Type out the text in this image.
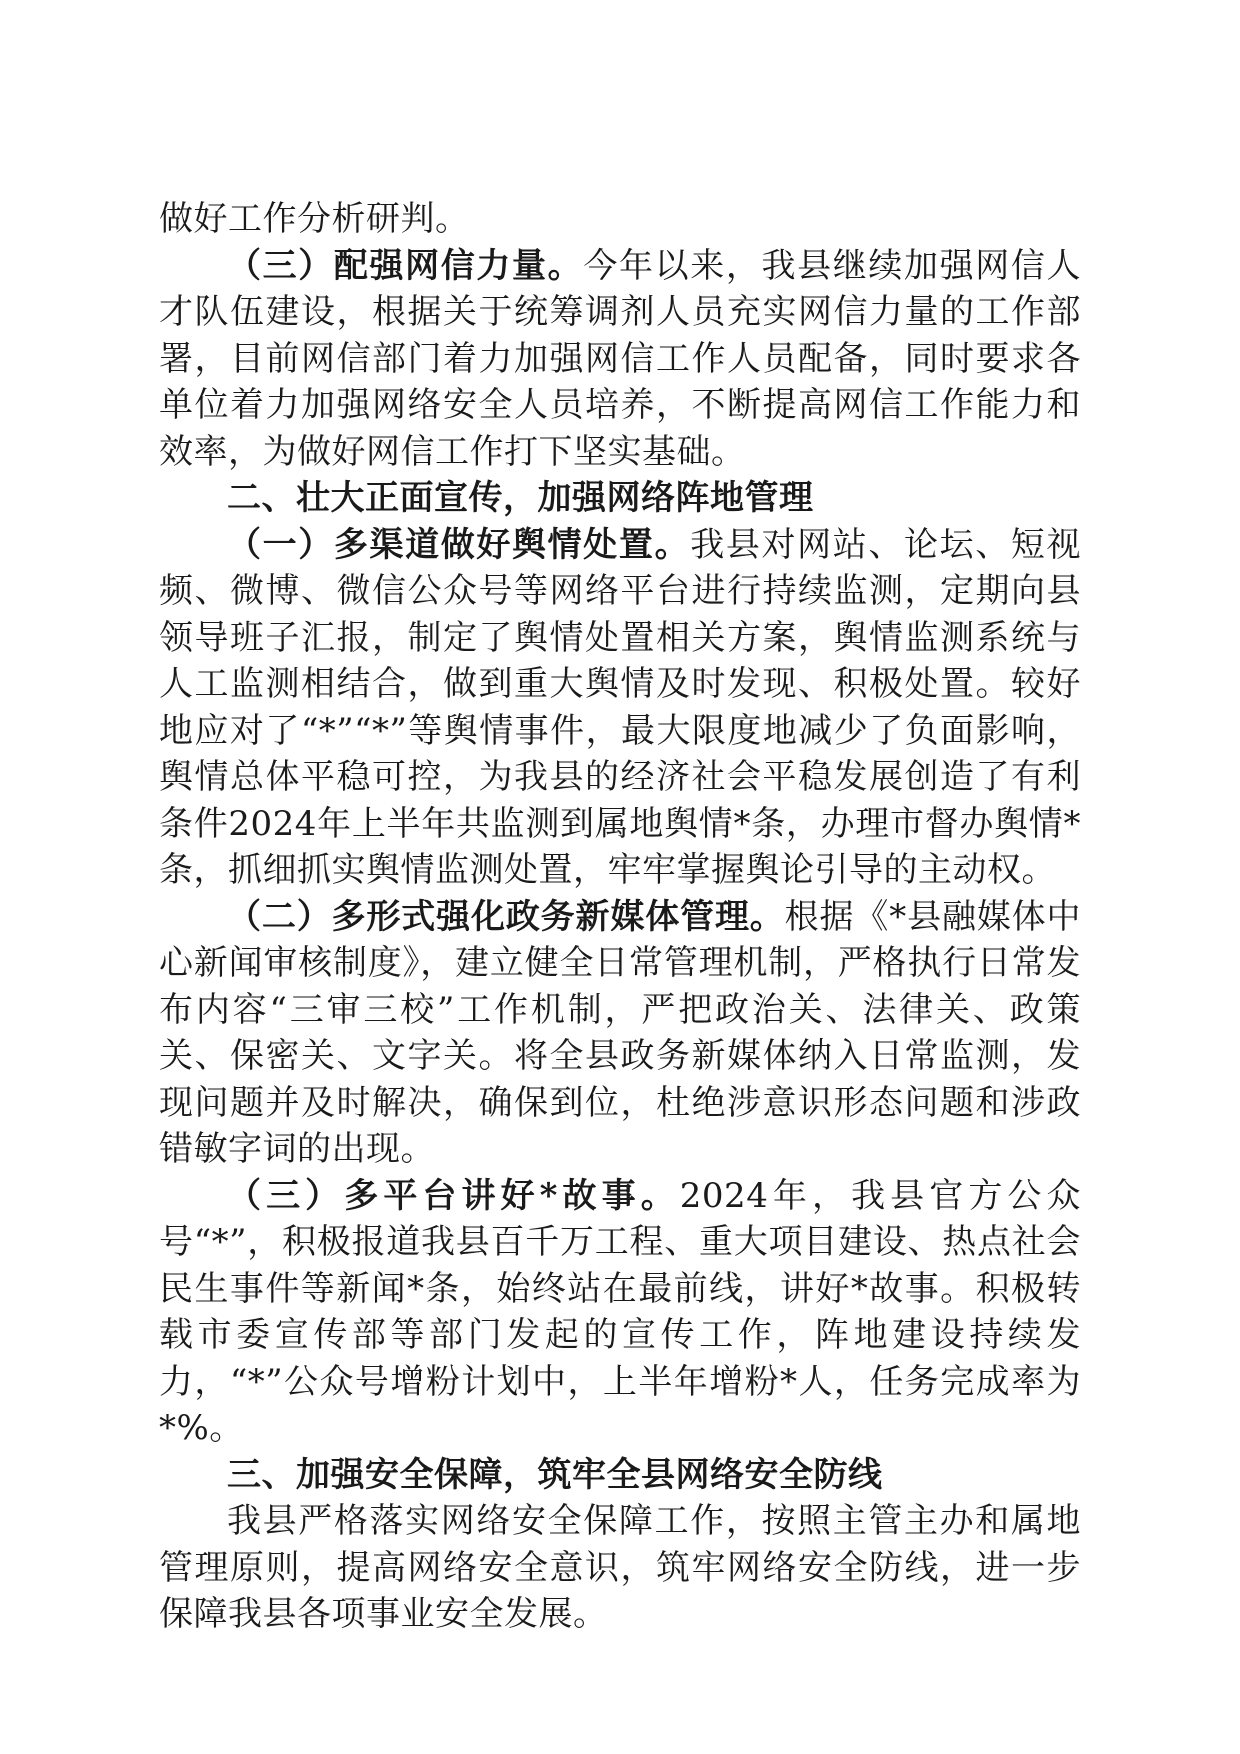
做好工作分析研判。

（三）配强网信力量。今年以来，我县继续加强网信人才队伍建设，根据关于统筹调剂人员充实网信力量的工作部署，目前网信部门着力加强网信工作人员配备，同时要求各单位着力加强网络安全人员培养，不断提高网信工作能力和效率，为做好网信工作打下坚实基础。

二、壮大正面宣传，加强网络阵地管理

（一）多渠道做好舆情处置。我县对网站、论坛、短视频、微博、微信公众号等网络平台进行持续监测，定期向县领导班子汇报，制定了舆情处置相关方案，舆情监测系统与人工监测相结合，做到重大舆情及时发现、积极处置。较好地应对了“*”“*”等舆情事件，最大限度地减少了负面影响，舆情总体平稳可控，为我县的经济社会平稳发展创造了有利条件2024年上半年共监测到属地舆情*条，办理市督办舆情*条，抓细抓实舆情监测处置，牢牢掌握舆论引导的主动权。

（二）多形式强化政务新媒体管理。根据《*县融媒体中心新闻审核制度》，建立健全日常管理机制，严格执行日常发布内容“三审三校”工作机制，严把政治关、法律关、政策关、保密关、文字关。将全县政务新媒体纳入日常监测，发现问题并及时解决，确保到位，杜绝涉意识形态问题和涉政错敏字词的出现。

（三）多平台讲好*故事。2024年，我县官方公众号“*”，积极报道我县百千万工程、重大项目建设、热点社会民生事件等新闻*条，始终站在最前线，讲好*故事。积极转载市委宣传部等部门发起的宣传工作，阵地建设持续发力，“*”公众号增粉计划中，上半年增粉*人，任务完成率为*%。

三、加强安全保障，筑牢全县网络安全防线

我县严格落实网络安全保障工作，按照主管主办和属地管理原则，提高网络安全意识，筑牢网络安全防线，进一步保障我县各项事业安全发展。
